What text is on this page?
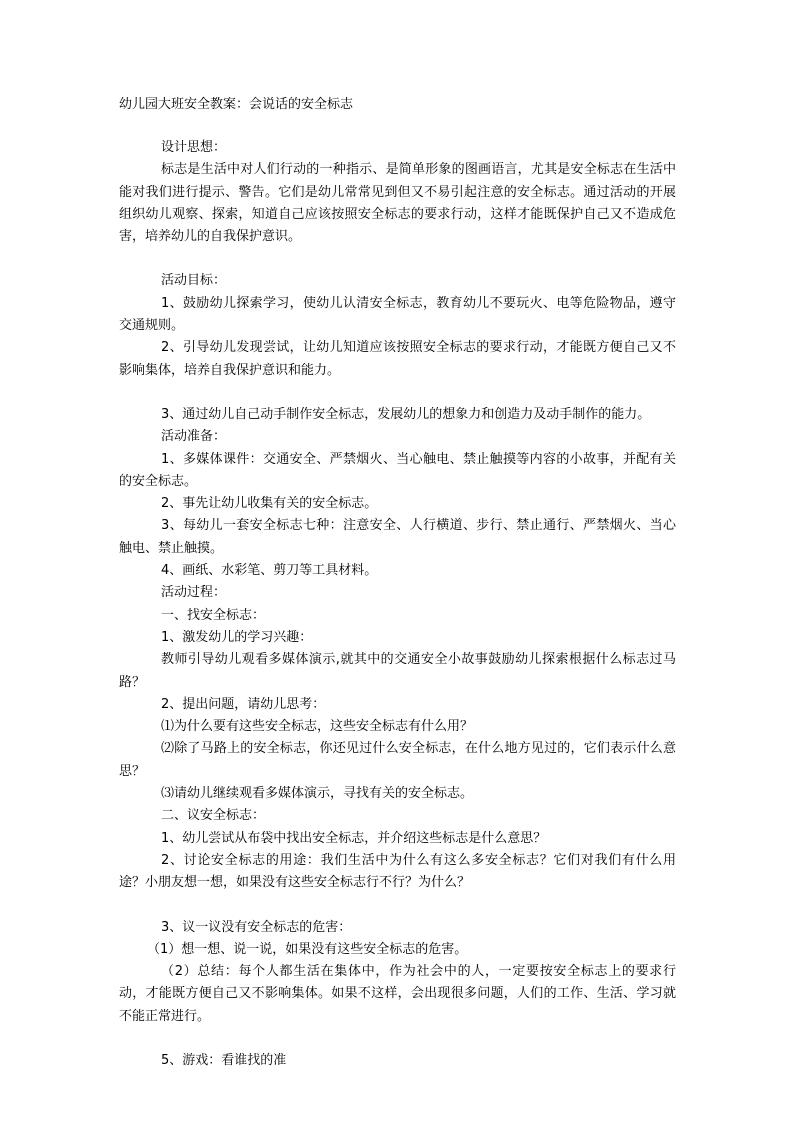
幼儿园大班安全教案：会说话的安全标志

设计思想：

标志是生活中对人们行动的一种指示、是简单形象的图画语言，尤其是安全标志在生活中能对我们进行提示、警告。它们是幼儿常常见到但又不易引起注意的安全标志。通过活动的开展组织幼儿观察、探索，知道自己应该按照安全标志的要求行动，这样才能既保护自己又不造成危害，培养幼儿的自我保护意识。

活动目标：

1、鼓励幼儿探索学习，使幼儿认清安全标志，教育幼儿不要玩火、电等危险物品，遵守交通规则。

2、引导幼儿发现尝试，让幼儿知道应该按照安全标志的要求行动，才能既方便自己又不影响集体，培养自我保护意识和能力。

3、通过幼儿自己动手制作安全标志，发展幼儿的想象力和创造力及动手制作的能力。

活动准备：

1、多媒体课件：交通安全、严禁烟火、当心触电、禁止触摸等内容的小故事，并配有关的安全标志。

2、事先让幼儿收集有关的安全标志。

3、每幼儿一套安全标志七种：注意安全、人行横道、步行、禁止通行、严禁烟火、当心触电、禁止触摸。

4、画纸、水彩笔、剪刀等工具材料。

活动过程：

一、找安全标志：

1、激发幼儿的学习兴趣：

教师引导幼儿观看多媒体演示,就其中的交通安全小故事鼓励幼儿探索根据什么标志过马路？

2、提出问题，请幼儿思考：

⑴为什么要有这些安全标志，这些安全标志有什么用？

⑵除了马路上的安全标志，你还见过什么安全标志，在什么地方见过的，它们表示什么意思？

⑶请幼儿继续观看多媒体演示，寻找有关的安全标志。

二、议安全标志：

1、幼儿尝试从布袋中找出安全标志，并介绍这些标志是什么意思？

2、讨论安全标志的用途：我们生活中为什么有这么多安全标志？它们对我们有什么用途？小朋友想一想，如果没有这些安全标志行不行？为什么？

3、议一议没有安全标志的危害：

（1）想一想、说一说，如果没有这些安全标志的危害。

（2）总结：每个人都生活在集体中，作为社会中的人，一定要按安全标志上的要求行动，才能既方便自己又不影响集体。如果不这样，会出现很多问题，人们的工作、生活、学习就不能正常进行。

5、游戏：看谁找的准
